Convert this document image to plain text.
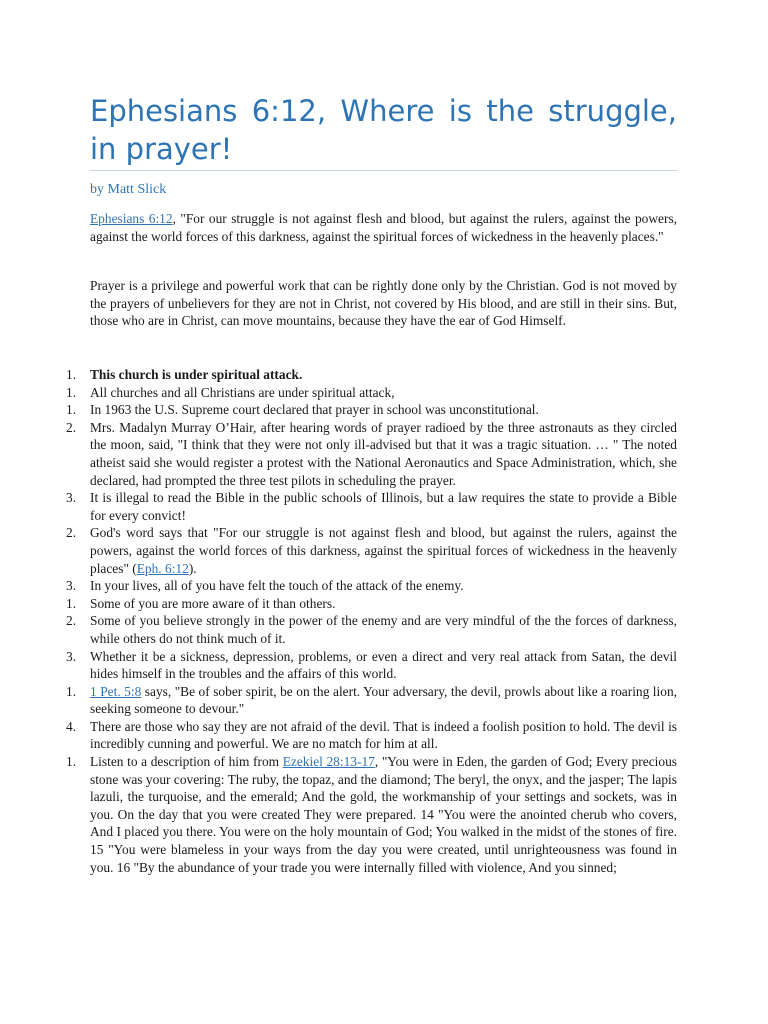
Ephesians 6:12, Where is the struggle, in prayer!
by Matt Slick

Ephesians 6:12, "For our struggle is not against flesh and blood, but against the rulers, against the powers, against the world forces of this darkness, against the spiritual forces of wickedness in the heavenly places."

Prayer is a privilege and powerful work that can be rightly done only by the Christian. God is not moved by the prayers of unbelievers for they are not in Christ, not covered by His blood, and are still in their sins. But, those who are in Christ, can move mountains, because they have the ear of God Himself.

1. This church is under spiritual attack.
1. All churches and all Christians are under spiritual attack,
1. In 1963 the U.S. Supreme court declared that prayer in school was unconstitutional.
2. Mrs. Madalyn Murray O’Hair, after hearing words of prayer radioed by the three astronauts as they circled the moon, said, "I think that they were not only ill-advised but that it was a tragic situation. … " The noted atheist said she would register a protest with the National Aeronautics and Space Administration, which, she declared, had prompted the three test pilots in scheduling the prayer.
3. It is illegal to read the Bible in the public schools of Illinois, but a law requires the state to provide a Bible for every convict!
2. God's word says that "For our struggle is not against flesh and blood, but against the rulers, against the powers, against the world forces of this darkness, against the spiritual forces of wickedness in the heavenly places" (Eph. 6:12).
3. In your lives, all of you have felt the touch of the attack of the enemy.
1. Some of you are more aware of it than others.
2. Some of you believe strongly in the power of the enemy and are very mindful of the the forces of darkness, while others do not think much of it.
3. Whether it be a sickness, depression, problems, or even a direct and very real attack from Satan, the devil hides himself in the troubles and the affairs of this world.
1. 1 Pet. 5:8 says, "Be of sober spirit, be on the alert. Your adversary, the devil, prowls about like a roaring lion, seeking someone to devour."
4. There are those who say they are not afraid of the devil. That is indeed a foolish position to hold. The devil is incredibly cunning and powerful. We are no match for him at all.
1. Listen to a description of him from Ezekiel 28:13-17, "You were in Eden, the garden of God; Every precious stone was your covering: The ruby, the topaz, and the diamond; The beryl, the onyx, and the jasper; The lapis lazuli, the turquoise, and the emerald; And the gold, the workmanship of your settings and sockets, was in you. On the day that you were created They were prepared. 14 "You were the anointed cherub who covers, And I placed you there. You were on the holy mountain of God; You walked in the midst of the stones of fire. 15 "You were blameless in your ways from the day you were created, until unrighteousness was found in you. 16 "By the abundance of your trade you were internally filled with violence, And you sinned;
